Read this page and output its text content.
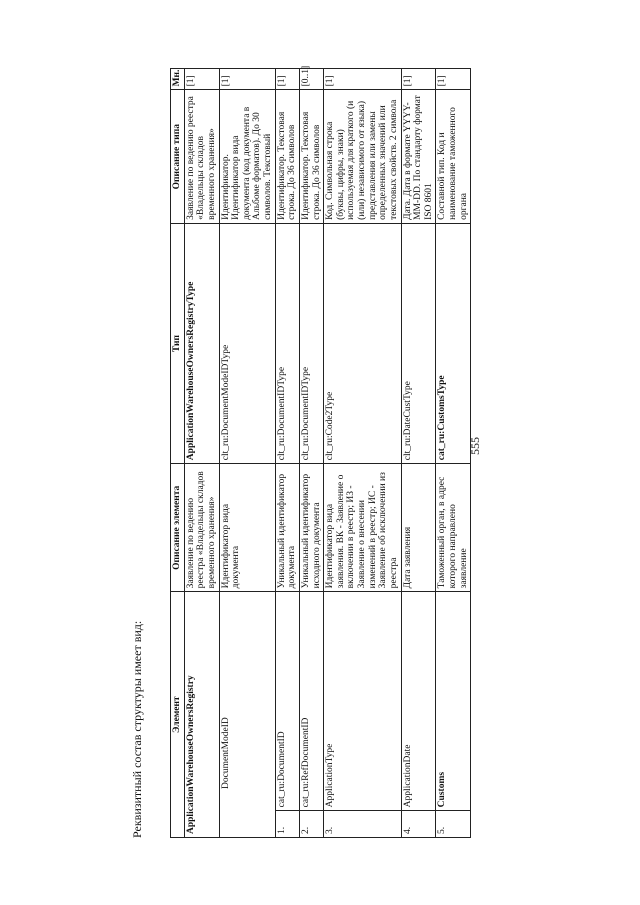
555
Реквизитный состав структуры имеет вид:	Элемент		Описание элемента	Тип	Описание типа	Мн.
ApplicationWarehouseOwnersRegistry		Заявление по ведению реестра «Владельцы складов временного хранения»	ApplicationWarehouseOwnersRegistryType	Заявление по ведению реестра «Владельцы складов временного хранения»	[1]
DocumentModeID		Идентификатор вида документа	clt_ru:DocumentModeIDType	Идентификатор. Идентификатор вида документа (код документа в Альбоме форматов). До 30 символов. Текстовый	[1]
1.	cat_ru:DocumentID	Уникальный идентификатор документа	clt_ru:DocumentIDType	Идентификатор. Текстовая строка. До 36 символов	[1]
2.	cat_ru:RefDocumentID	Уникальный идентификатор исходного документа	clt_ru:DocumentIDType	Идентификатор. Текстовая строка. До 36 символов	[0..1]
3.	ApplicationType	Идентификатор вида заявления. ВК - Заявление о включении в реестр; ИЗ - Заявление о внесении изменений в реестр; ИС - Заявление об исключении из реестра	clt_ru:Code2Type	Код. Символьная строка (буквы, цифры, знаки) используемая для краткого (и (или) независимого от языка) представления или замены определенных значений или текстовых свойств. 2 символа	[1]
4.	ApplicationDate	Дата заявления	clt_ru:DateCustType	Дата. Дата в формате YYYY-MM-DD. По стандарту формат ISO 8601	[1]
5.	Customs	Таможенный орган, в адрес которого направлено заявление	cat_ru:CustomsType	Составной тип. Код и наименование таможенного органа	[1]
